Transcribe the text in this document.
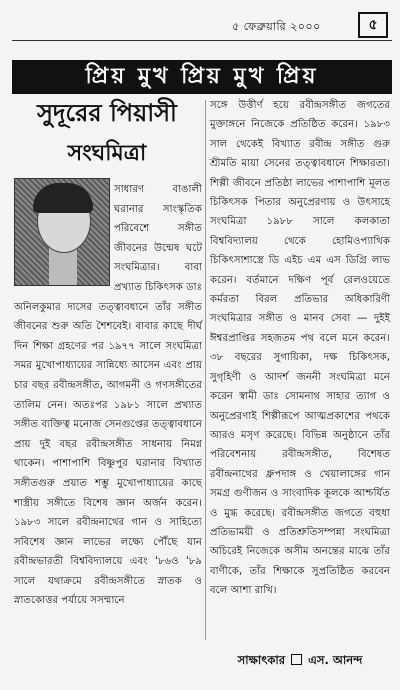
৫ ফেব্রুয়ারি ২০০০	৫
প্রিয় মুখ প্রিয় মুখ প্রিয়
সুদূরের পিয়াসী
সংঘমিত্রা
সাধারণ বাঙালী ঘরানার সাংস্কৃতিক পরিবেশে সঙ্গীত জীবনের উন্মেষ ঘটে সংঘমিত্রার। বাবা প্রখ্যাত চিকিৎসক ডাঃ অনিলকুমার দাসের তত্ত্বাবধানে তাঁর সঙ্গীত জীবনের শুরু অতি শৈশবেই। বাবার কাছে দীর্ঘ দিন শিক্ষা গ্রহণের পর ১৯৭৭ সালে সংঘমিত্রা সমর মুখোপাধ্যায়ের সান্নিধ্যে আসেন এবং প্রায় চার বছর রবীন্দ্রসঙ্গীত, আগমনী ও গণসঙ্গীতের তালিম নেন। অতঃপর ১৯৮১ সালে প্রখ্যাত সঙ্গীত ব্যক্তিত্ব মনোজ সেনগুপ্তের তত্ত্বাবধানে প্রায় দুই বছর রবীন্দ্রসঙ্গীত সাধনায় নিমগ্ন থাকেন। পাশাপাশি বিষ্ণুপুর ঘরানার বিখ্যাত সঙ্গীতগুরু প্রয়াত শম্ভু মুখোপাধ্যায়ের কাছে শাস্ত্রীয় সঙ্গীতে বিশেষ জ্ঞান অর্জন করেন। ১৯৮৩ সালে রবীন্দ্রনাথের গান ও সাহিত্যে সবিশেষ জ্ঞান লাভের লক্ষ্যে পৌঁছে যান রবীন্দ্রভারতী বিশ্ববিদ্যালয়ে এবং '৮৬ও '৮৯ সালে যথাক্রমে রবীন্দ্রসঙ্গীতে স্নাতক ও স্নাতকোত্তর পর্যায়ে সসম্মানে
সঙ্গে উত্তীর্ণ হয়ে রবীন্দ্রসঙ্গীত জগতের মুক্তাঙ্গনে নিজেকে প্রতিষ্ঠিত করেন। ১৯৮৩ সাল থেকেই বিখ্যাত রবীন্দ্র সঙ্গীত গুরু শ্রীমতি মায়া সেনের তত্ত্বাবধানে শিক্ষারতা। শিল্পী জীবনে প্রতিষ্ঠা লাভের পাশাপাশি মূলত চিকিৎসক পিতার অনুপ্রেরণায় ও উৎসাহে সংঘমিত্রা ১৯৮৮ সালে কলকাতা বিশ্ববিদ্যালয় থেকে হোমিওপ্যাথিক চিকিৎসাশাস্ত্রে ডি এইচ এম এস ডিগ্রি লাভ করেন। বর্তমানে দক্ষিণ পূর্ব রেলওয়েতে কর্মরতা বিরল প্রতিভার অধিকারিণী সংঘমিত্রার সঙ্গীত ও মানব সেবা — দুইই ঈশ্বরপ্রাপ্তির সহজতম পথ বলে মনে করেন। ৩৮ বছরের সুগায়িকা, দক্ষ চিকিৎসক, সুগৃহিণী ও আদর্শ জননী সংঘমিত্রা মনে করেন স্বামী ডাঃ সোমনাথ সাহার ত্যাগ ও অনুপ্রেরণাই শিল্পীরূপে আত্মপ্রকাশের পথকে আরও মসৃণ করেছে। বিভিন্ন অনুষ্ঠানে তাঁর পরিবেশনায় রবীন্দ্রসঙ্গীত, বিশেষত রবীন্দ্রনাথের ধ্রুপদাঙ্গ ও খেয়ালাঙ্গের গান সমগ্র গুণীজন ও সাংবাদিক কূলকে আশ্চর্যিত ও মুগ্ধ করেছে। রবীন্দ্রসঙ্গীত জগতে বহুধা প্রতিভাময়ী ও প্রতিশ্রুতিসম্পন্না সংঘমিত্রা অচিরেই নিজেকে অসীম অনন্তের মাঝে তাঁর বাণীকে, তাঁর শিক্ষাকে সুপ্রতিষ্ঠিত করবেন বলে আশা রাখি।
সাক্ষাৎকার এস. আনন্দ
